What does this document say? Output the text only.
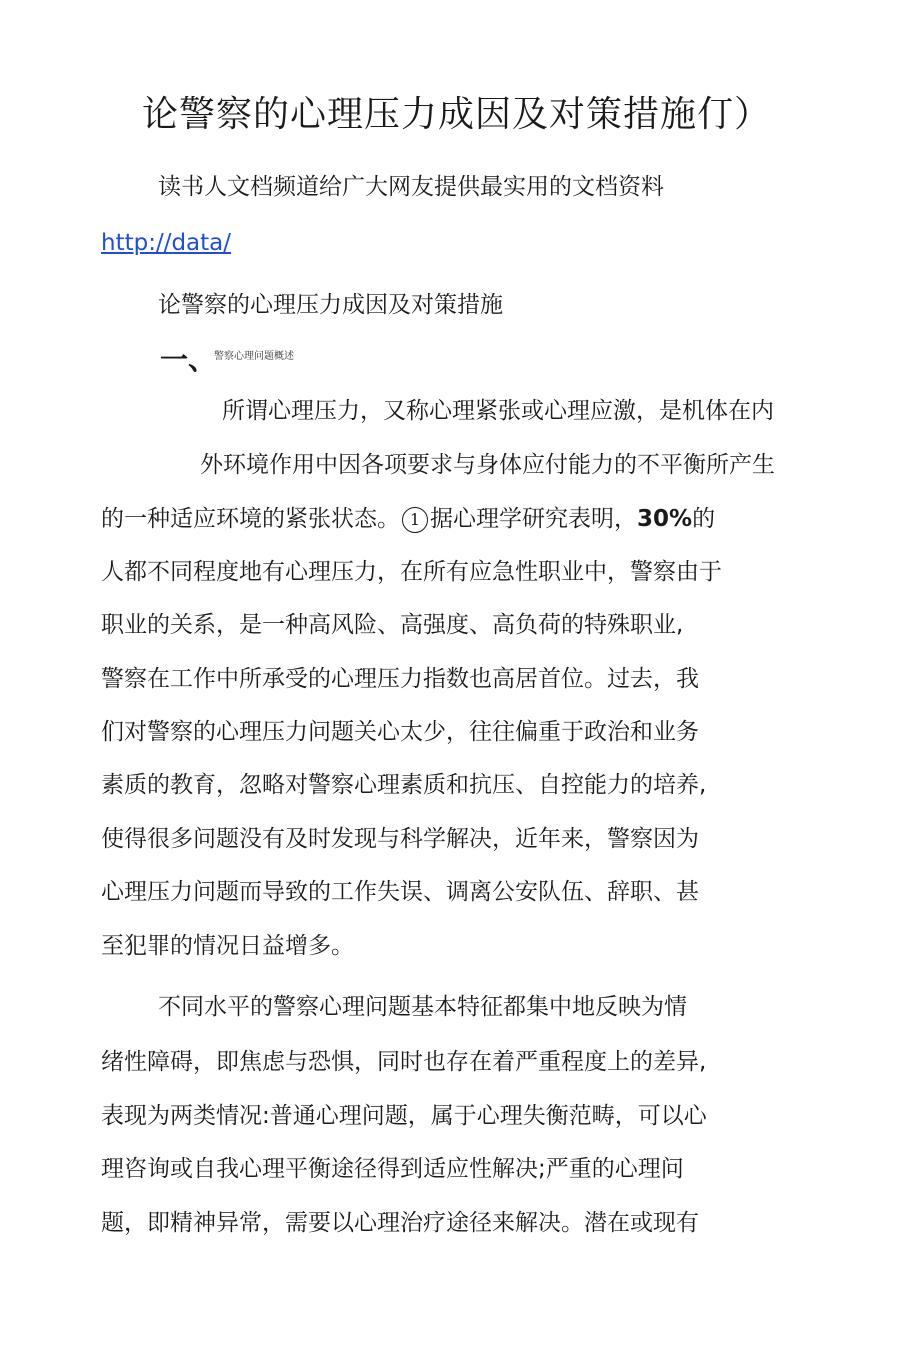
论警察的心理压力成因及对策措施仃）
读书人文档频道给广大网友提供最实用的文档资料
http://data/
论警察的心理压力成因及对策措施
一、
警察心理问题概述
所谓心理压力，又称心理紧张或心理应激，是机体在内
外环境作用中因各项要求与身体应付能力的不平衡所产生
的一种适应环境的紧张状态。 1 据心理学研究表明，30%的
人都不同程度地有心理压力，在所有应急性职业中，警察由于
职业的关系，是一种高风险、高强度、高负荷的特殊职业,
警察在工作中所承受的心理压力指数也高居首位。过去，我
们对警察的心理压力问题关心太少，往往偏重于政治和业务
素质的教育，忽略对警察心理素质和抗压、自控能力的培养,
使得很多问题没有及时发现与科学解决，近年来，警察因为
心理压力问题而导致的工作失误、调离公安队伍、辞职、甚
至犯罪的情况日益增多。
不同水平的警察心理问题基本特征都集中地反映为情
绪性障碍，即焦虑与恐惧，同时也存在着严重程度上的差异,
表现为两类情况:普通心理问题，属于心理失衡范畴，可以心
理咨询或自我心理平衡途径得到适应性解决;严重的心理问
题，即精神异常，需要以心理治疗途径来解决。潜在或现有
